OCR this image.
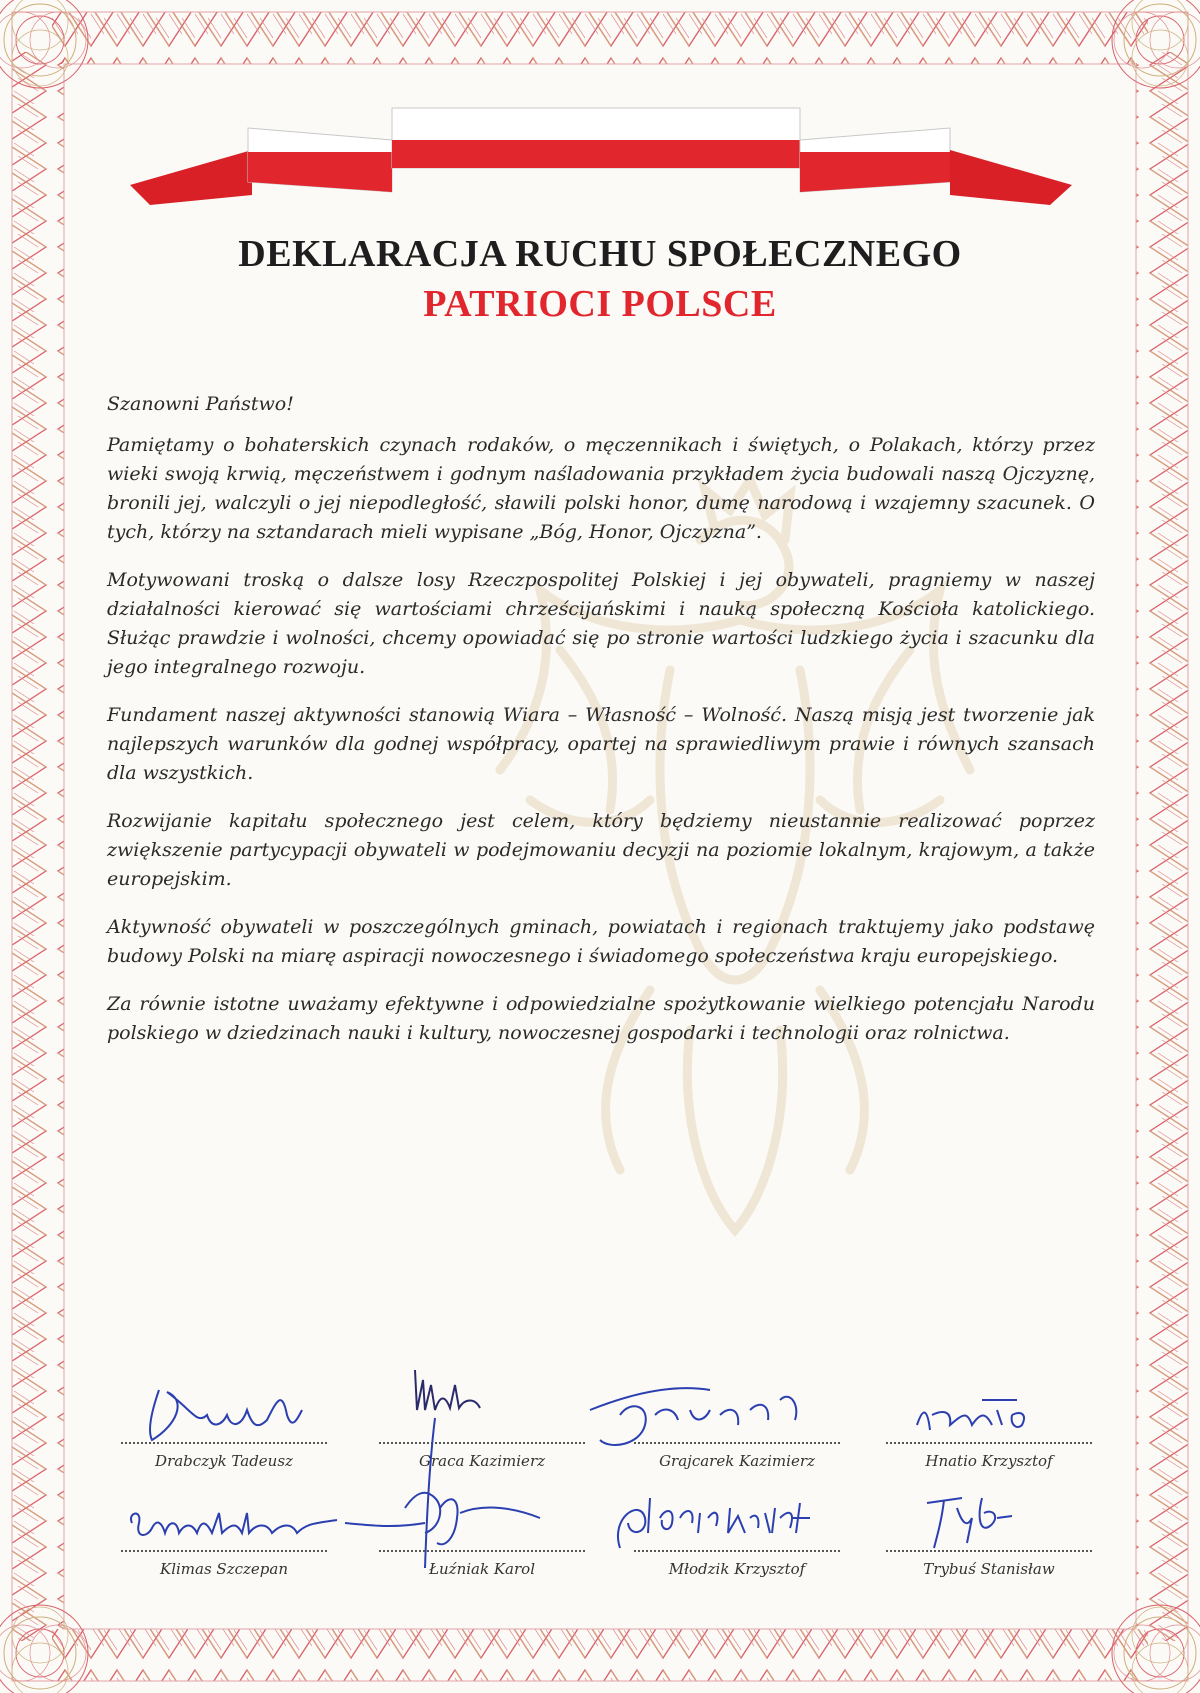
DEKLARACJA RUCHU SPOŁECZNEGO
PATRIOCI POLSCE

Szanowni Państwo!

Pamiętamy o bohaterskich czynach rodaków, o męczennikach i świętych, o Polakach, którzy przez wieki swoją krwią, męczeństwem i godnym naśladowania przykładem życia budowali naszą Ojczyznę, bronili jej, walczyli o jej niepodległość, sławili polski honor, dumę narodową i wzajemny szacunek. O tych, którzy na sztandarach mieli wypisane „Bóg, Honor, Ojczyzna”.

Motywowani troską o dalsze losy Rzeczpospolitej Polskiej i jej obywateli, pragniemy w naszej działalności kierować się wartościami chrześcijańskimi i nauką społeczną Kościoła katolickiego. Służąc prawdzie i wolności, chcemy opowiadać się po stronie wartości ludzkiego życia i szacunku dla jego integralnego rozwoju.

Fundament naszej aktywności stanowią Wiara – Własność – Wolność. Naszą misją jest tworzenie jak najlepszych warunków dla godnej współpracy, opartej na sprawiedliwym prawie i równych szansach dla wszystkich.

Rozwijanie kapitału społecznego jest celem, który będziemy nieustannie realizować poprzez zwiększenie partycypacji obywateli w podejmowaniu decyzji na poziomie lokalnym, krajowym, a także europejskim.

Aktywność obywateli w poszczególnych gminach, powiatach i regionach traktujemy jako podstawę budowy Polski na miarę aspiracji nowoczesnego i świadomego społeczeństwa kraju europejskiego.

Za równie istotne uważamy efektywne i odpowiedzialne spożytkowanie wielkiego potencjału Narodu polskiego w dziedzinach nauki i kultury, nowoczesnej gospodarki i technologii oraz rolnictwa.

Drabczyk Tadeusz	Graca Kazimierz	Grajcarek Kazimierz	Hnatio Krzysztof
Klimas Szczepan	Łuźniak Karol	Młodzik Krzysztof	Trybuś Stanisław
